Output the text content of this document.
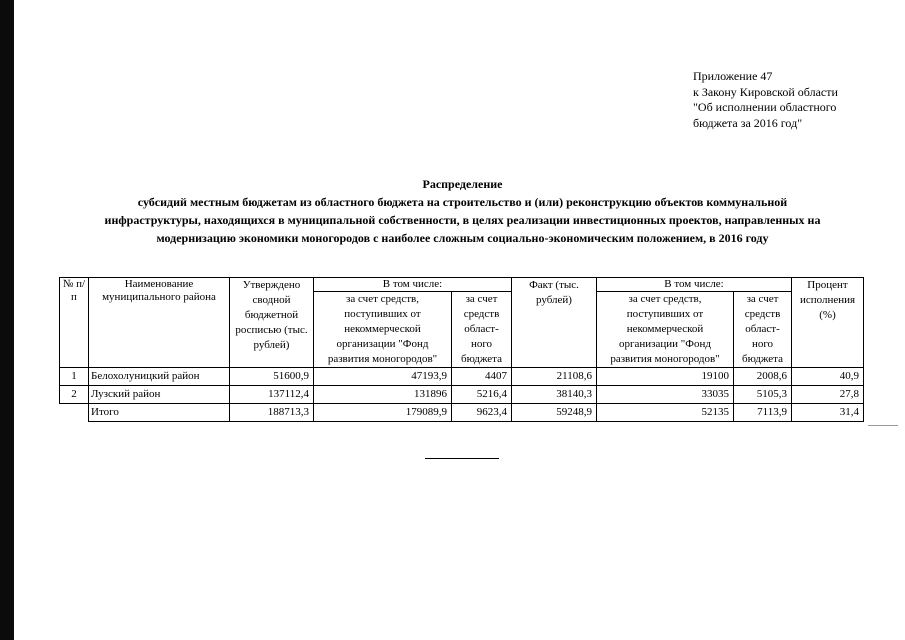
Приложение 47
к Закону Кировской области
"Об исполнении областного
бюджета за 2016 год"
Распределение
субсидий местным бюджетам из областного бюджета на строительство и (или) реконструкцию объектов коммунальной
инфраструктуры, находящихся в муниципальной собственности, в целях реализации инвестиционных проектов, направленных на
модернизацию экономики моногородов с наиболее сложным социально-экономическим положением, в 2016 году
№ п/п	Наименование муниципального района	Утверждено сводной бюджетной росписью (тыс. рублей)	В том числе:		Факт (тыс. рублей)	В том числе:		Процент исполнения (%)
			за счет средств, поступивших от некоммерческой организации "Фонд развития моногородов"	за счет средств област-ного бюджета		за счет средств, поступивших от некоммерческой организации "Фонд развития моногородов"	за счет средств област-ного бюджета	
1	Белохолуницкий район	51600,9	47193,9	4407	21108,6	19100	2008,6	40,9
2	Лузский район	137112,4	131896	5216,4	38140,3	33035	5105,3	27,8
	Итого	188713,3	179089,9	9623,4	59248,9	52135	7113,9	31,4
